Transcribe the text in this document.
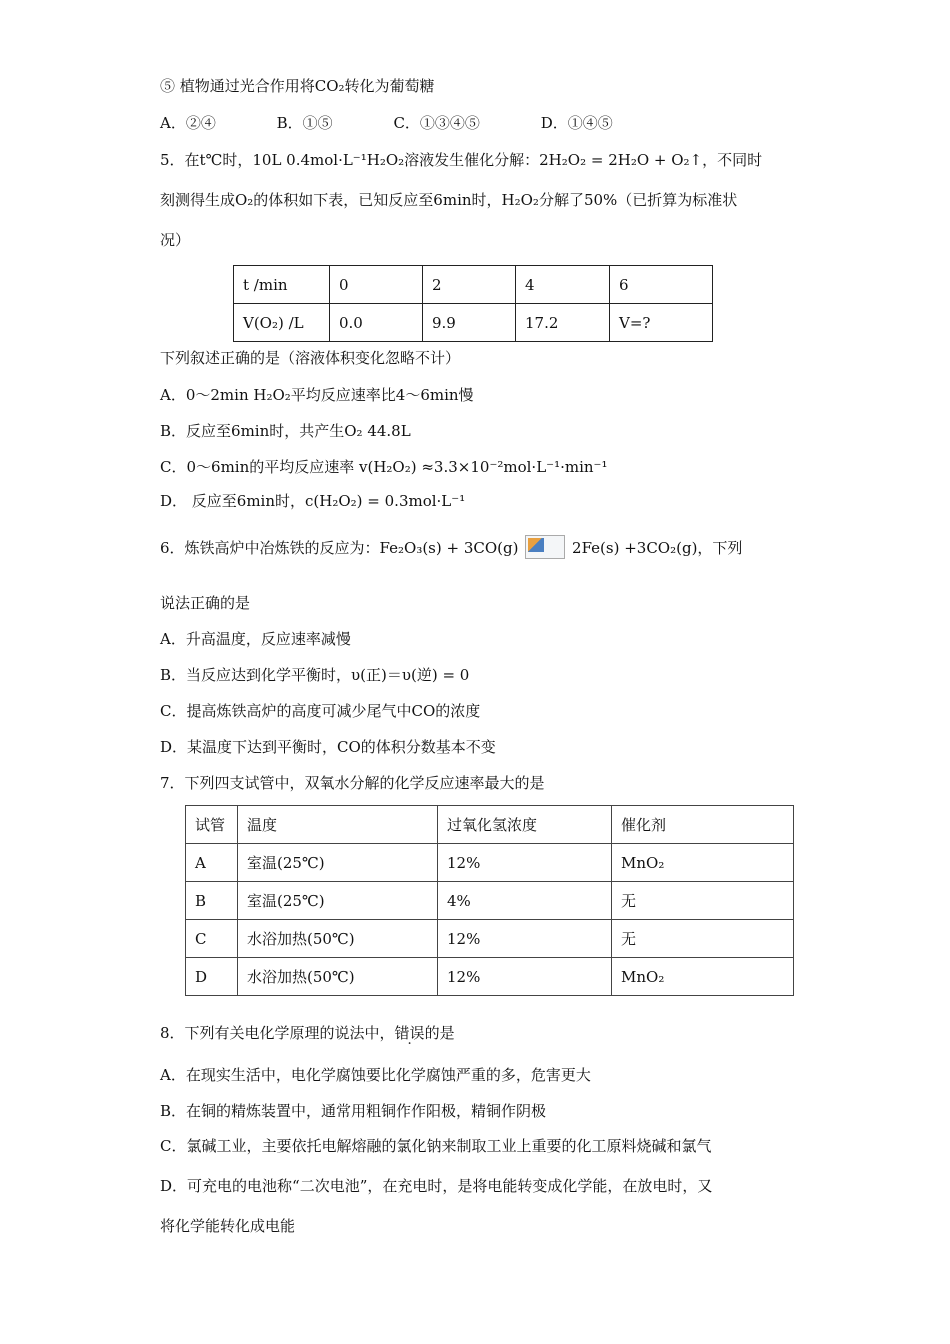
⑤ 植物通过光合作用将CO₂转化为葡萄糖
A．②④	B．①⑤	C．①③④⑤	D．①④⑤
5．在t℃时，10L 0.4mol·L⁻¹H₂O₂溶液发生催化分解：2H₂O₂ = 2H₂O + O₂↑，不同时
刻测得生成O₂的体积如下表，已知反应至6min时，H₂O₂分解了50%（已折算为标准状
况）
t /min	0	2	4	6
V(O₂) /L	0.0	9.9	17.2	V=?
下列叙述正确的是（溶液体积变化忽略不计）
A．0～2min H₂O₂平均反应速率比4～6min慢
B．反应至6min时，共产生O₂ 44.8L
C．0～6min的平均反应速率 v(H₂O₂) ≈3.3×10⁻²mol·L⁻¹·min⁻¹
D． 反应至6min时，c(H₂O₂) = 0.3mol·L⁻¹
6．炼铁高炉中冶炼铁的反应为：Fe₂O₃(s) + 3CO(g)	2Fe(s) +3CO₂(g)，下列
说法正确的是
A．升高温度，反应速率减慢
B．当反应达到化学平衡时，υ(正)＝υ(逆) = 0
C．提高炼铁高炉的高度可减少尾气中CO的浓度
D．某温度下达到平衡时，CO的体积分数基本不变
7．下列四支试管中，双氧水分解的化学反应速率最大的是
试管	温度	过氧化氢浓度	催化剂
A	室温(25℃)	12%	MnO₂
B	室温(25℃)	4%	无
C	水浴加热(50℃)	12%	无
D	水浴加热(50℃)	12%	MnO₂
8．下列有关电化学原理的说法中，错误的是
A．在现实生活中，电化学腐蚀要比化学腐蚀严重的多，危害更大
B．在铜的精炼装置中，通常用粗铜作作阳极，精铜作阴极
C．氯碱工业，主要依托电解熔融的氯化钠来制取工业上重要的化工原料烧碱和氯气
D．可充电的电池称“二次电池”，在充电时，是将电能转变成化学能，在放电时，又
将化学能转化成电能
